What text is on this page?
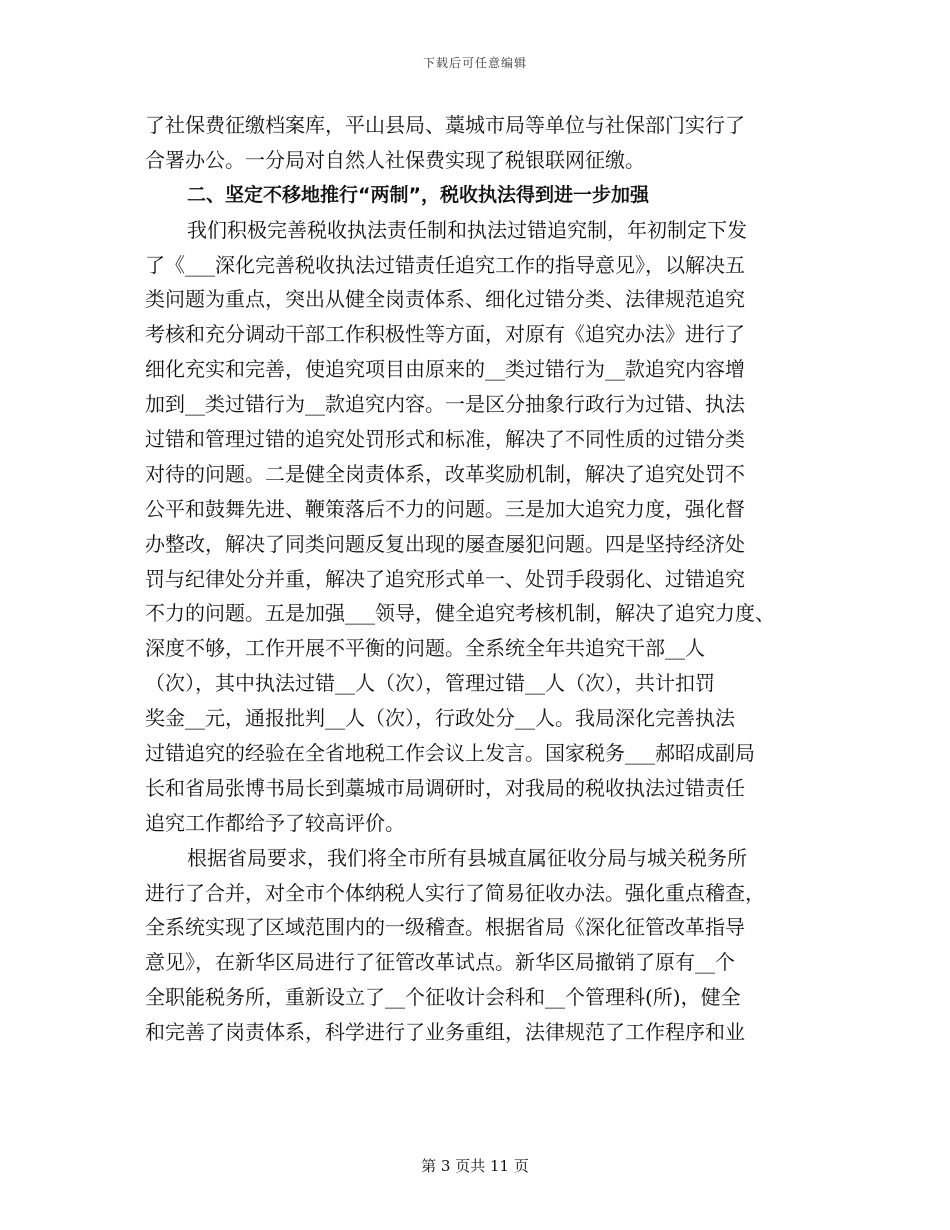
下载后可任意编辑
了社保费征缴档案库，平山县局、藁城市局等单位与社保部门实行了
合署办公。一分局对自然人社保费实现了税银联网征缴。
二、坚定不移地推行“两制”，税收执法得到进一步加强
我们积极完善税收执法责任制和执法过错追究制，年初制定下发
了《___深化完善税收执法过错责任追究工作的指导意见》，以解决五
类问题为重点，突出从健全岗责体系、细化过错分类、法律规范追究
考核和充分调动干部工作积极性等方面，对原有《追究办法》进行了
细化充实和完善，使追究项目由原来的__类过错行为__款追究内容增
加到__类过错行为__款追究内容。一是区分抽象行政行为过错、执法
过错和管理过错的追究处罚形式和标准，解决了不同性质的过错分类
对待的问题。二是健全岗责体系，改革奖励机制，解决了追究处罚不
公平和鼓舞先进、鞭策落后不力的问题。三是加大追究力度，强化督
办整改，解决了同类问题反复出现的屡查屡犯问题。四是坚持经济处
罚与纪律处分并重，解决了追究形式单一、处罚手段弱化、过错追究
不力的问题。五是加强___领导，健全追究考核机制，解决了追究力度、
深度不够，工作开展不平衡的问题。全系统全年共追究干部__人
（次），其中执法过错__人（次），管理过错__人（次），共计扣罚
奖金__元，通报批判__人（次），行政处分__人。我局深化完善执法
过错追究的经验在全省地税工作会议上发言。国家税务___郝昭成副局
长和省局张博书局长到藁城市局调研时，对我局的税收执法过错责任
追究工作都给予了较高评价。
根据省局要求，我们将全市所有县城直属征收分局与城关税务所
进行了合并，对全市个体纳税人实行了简易征收办法。强化重点稽查，
全系统实现了区域范围内的一级稽查。根据省局《深化征管改革指导
意见》，在新华区局进行了征管改革试点。新华区局撤销了原有__个
全职能税务所，重新设立了__个征收计会科和__个管理科(所)，健全
和完善了岗责体系，科学进行了业务重组，法律规范了工作程序和业
第 3 页共 11 页
